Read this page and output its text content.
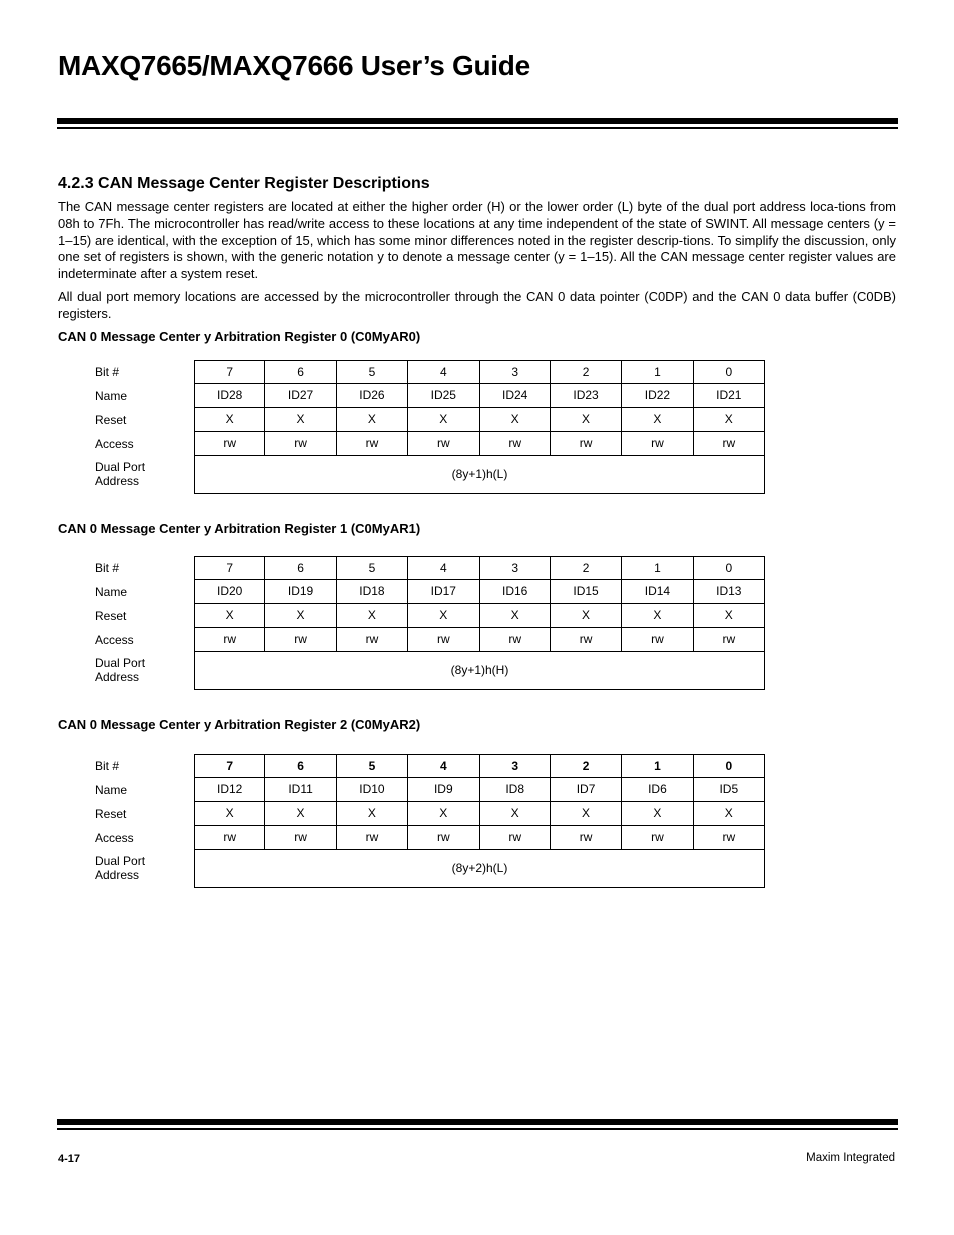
MAXQ7665/MAXQ7666 User’s Guide
4.2.3 CAN Message Center Register Descriptions

The CAN message center registers are located at either the higher order (H) or the lower order (L) byte of the dual port address loca-tions from 08h to 7Fh. The microcontroller has read/write access to these locations at any time independent of the state of SWINT. All message centers (y = 1–15) are identical, with the exception of 15, which has some minor differences noted in the register descrip-tions. To simplify the discussion, only one set of registers is shown, with the generic notation y to denote a message center (y = 1–15). All the CAN message center register values are indeterminate after a system reset.

All dual port memory locations are accessed by the microcontroller through the CAN 0 data pointer (C0DP) and the CAN 0 data buffer (C0DB) registers.

CAN 0 Message Center y Arbitration Register 0 (C0MyAR0)
Bit #	7	6	5	4	3	2	1	0
Name	ID28	ID27	ID26	ID25	ID24	ID23	ID22	ID21
Reset	X	X	X	X	X	X	X	X
Access	rw	rw	rw	rw	rw	rw	rw	rw
Dual Port
Address	(8y+1)h(L)
CAN 0 Message Center y Arbitration Register 1 (C0MyAR1)
Bit #	7	6	5	4	3	2	1	0
Name	ID20	ID19	ID18	ID17	ID16	ID15	ID14	ID13
Reset	X	X	X	X	X	X	X	X
Access	rw	rw	rw	rw	rw	rw	rw	rw
Dual Port
Address	(8y+1)h(H)
CAN 0 Message Center y Arbitration Register 2 (C0MyAR2)
Bit #	7	6	5	4	3	2	1	0
Name	ID12	ID11	ID10	ID9	ID8	ID7	ID6	ID5
Reset	X	X	X	X	X	X	X	X
Access	rw	rw	rw	rw	rw	rw	rw	rw
Dual Port
Address	(8y+2)h(L)
4-17	Maxim Integrated
